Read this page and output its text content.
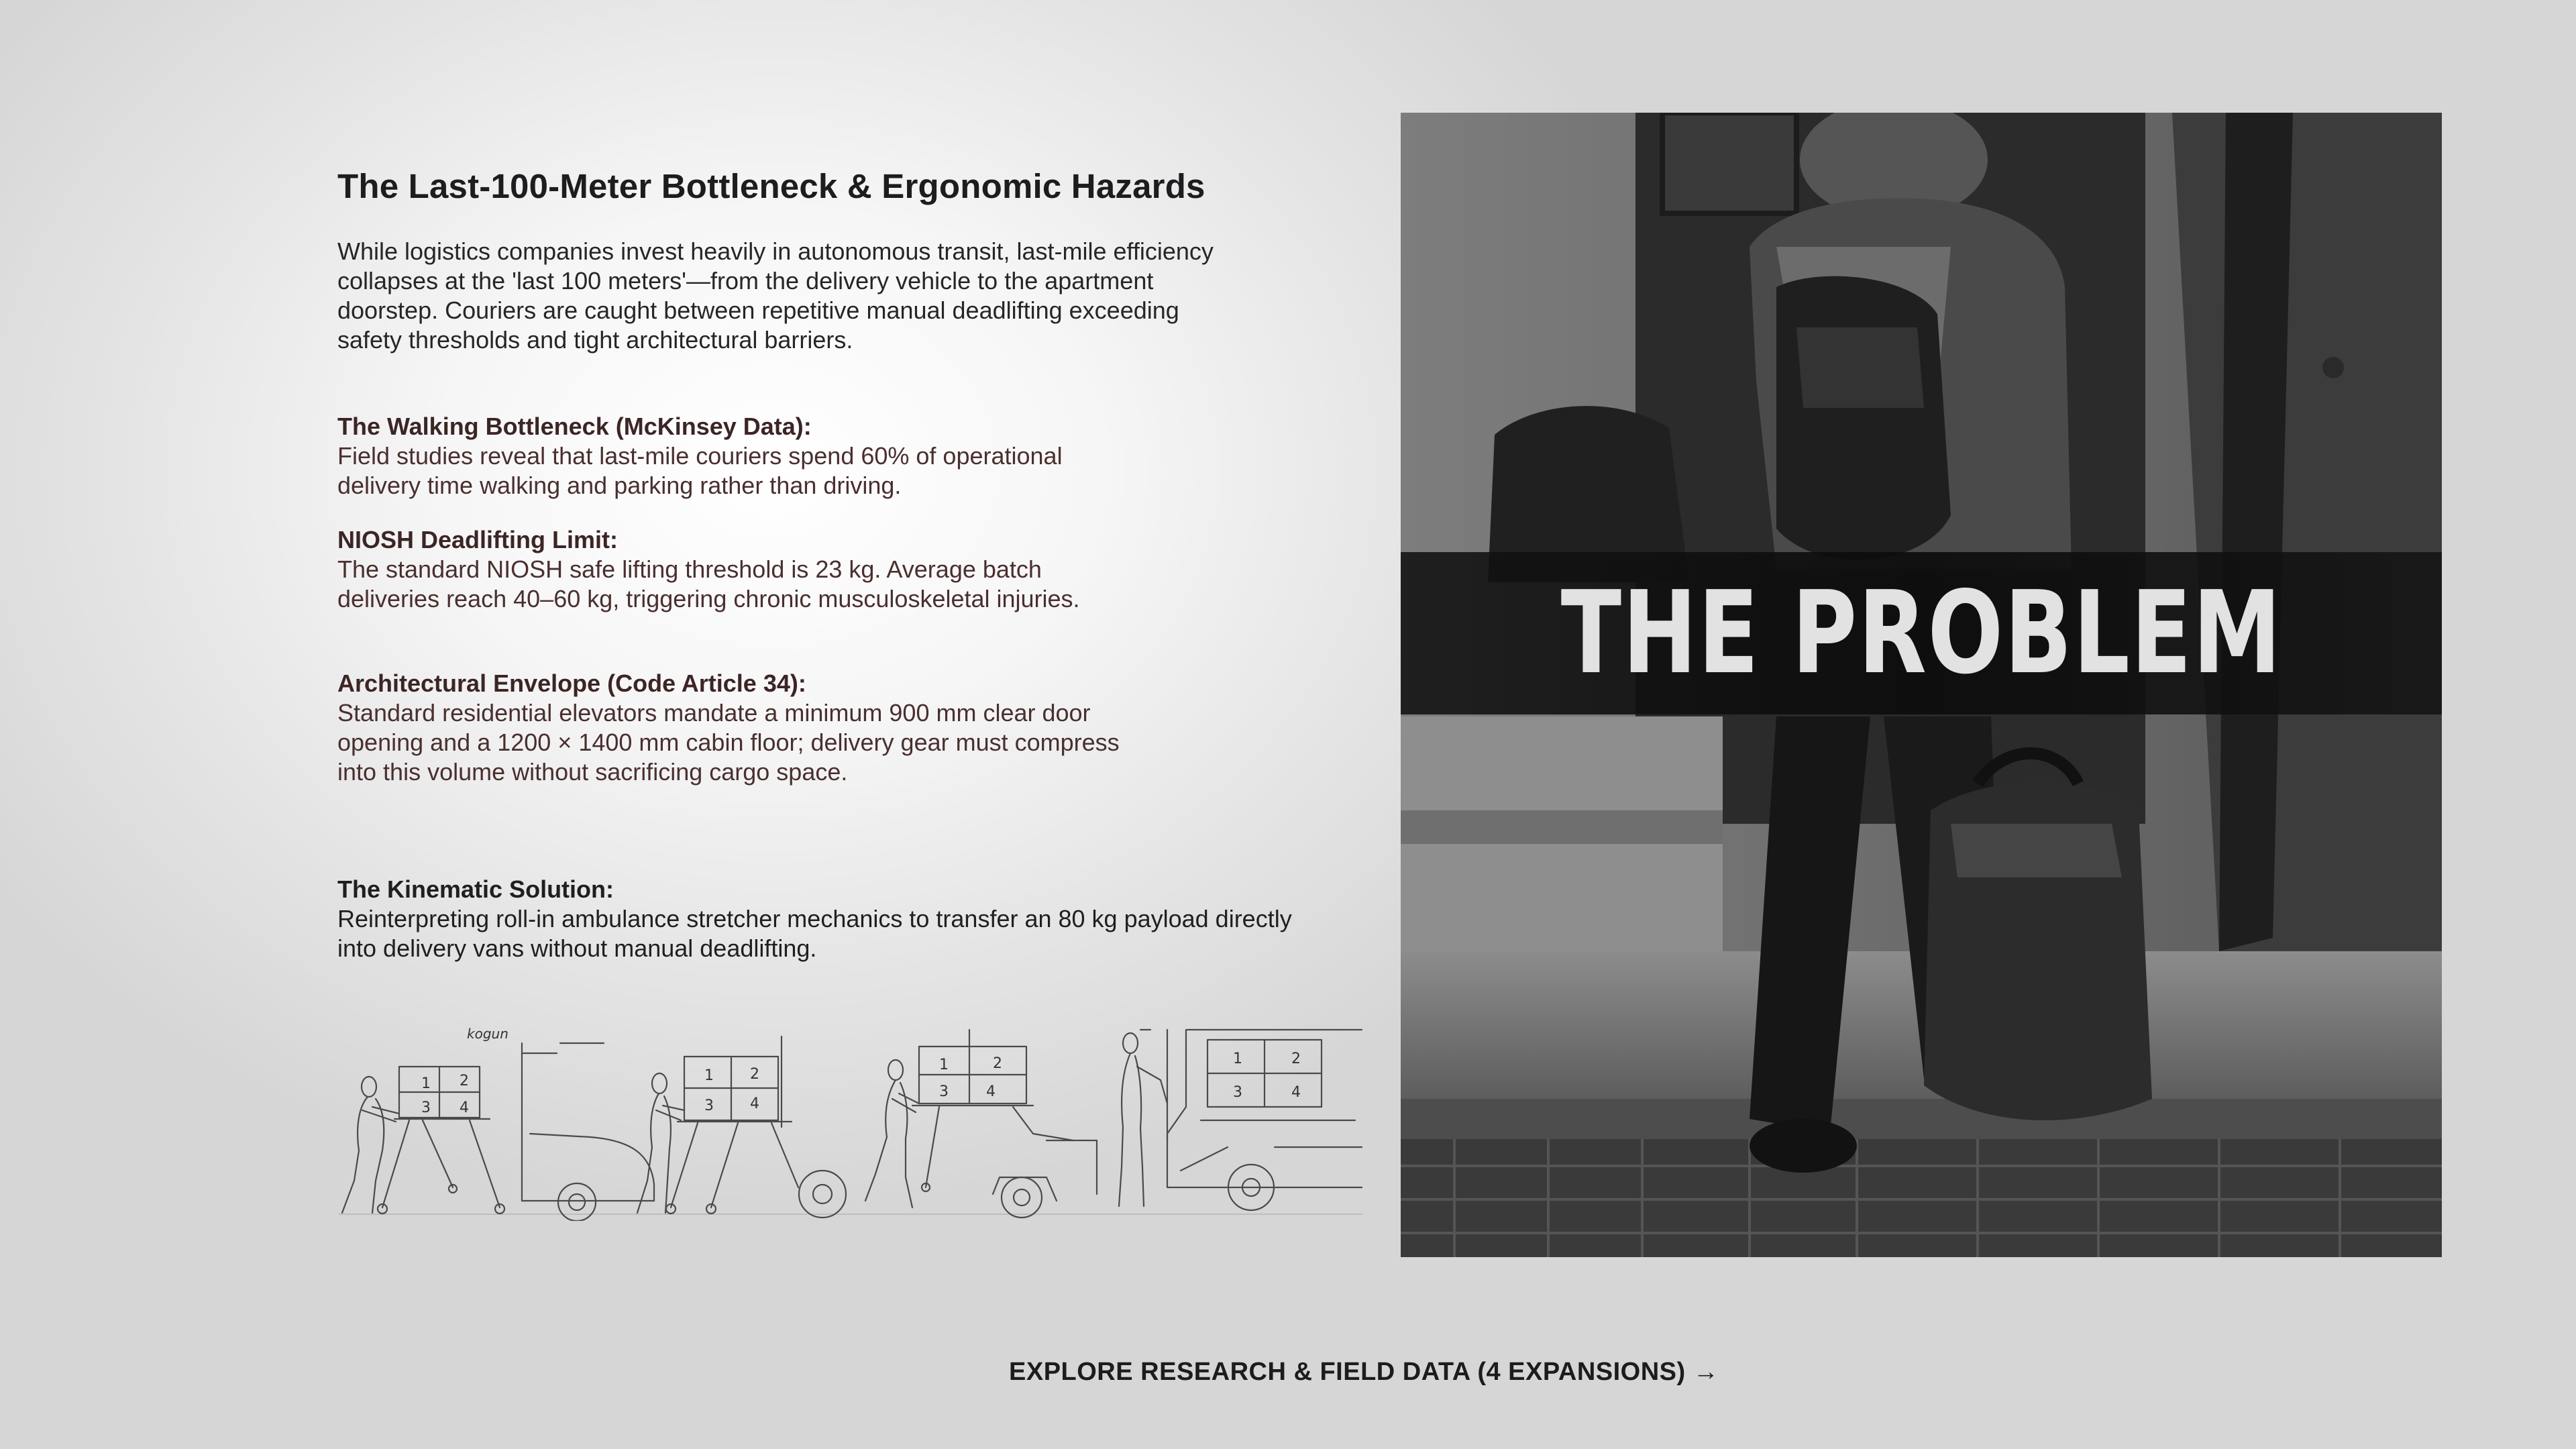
The Last-100-Meter Bottleneck & Ergonomic Hazards

While logistics companies invest heavily in autonomous transit, last-mile efficiency collapses at the 'last 100 meters'—from the delivery vehicle to the apartment doorstep. Couriers are caught between repetitive manual deadlifting exceeding safety thresholds and tight architectural barriers.

The Walking Bottleneck (McKinsey Data):
Field studies reveal that last-mile couriers spend 60% of operational delivery time walking and parking rather than driving.

NIOSH Deadlifting Limit:
The standard NIOSH safe lifting threshold is 23 kg. Average batch deliveries reach 40–60 kg, triggering chronic musculoskeletal injuries.

Architectural Envelope (Code Article 34):
Standard residential elevators mandate a minimum 900 mm clear door opening and a 1200 × 1400 mm cabin floor; delivery gear must compress into this volume without sacrificing cargo space.

The Kinematic Solution:
Reinterpreting roll-in ambulance stretcher mechanics to transfer an 80 kg payload directly into delivery vans without manual deadlifting.

1 2
3 4
1 2
3 4
1	2
3	4
1	2
3	4
kogun
THE PROBLEM
EXPLORE RESEARCH & FIELD DATA (4 EXPANSIONS) →
